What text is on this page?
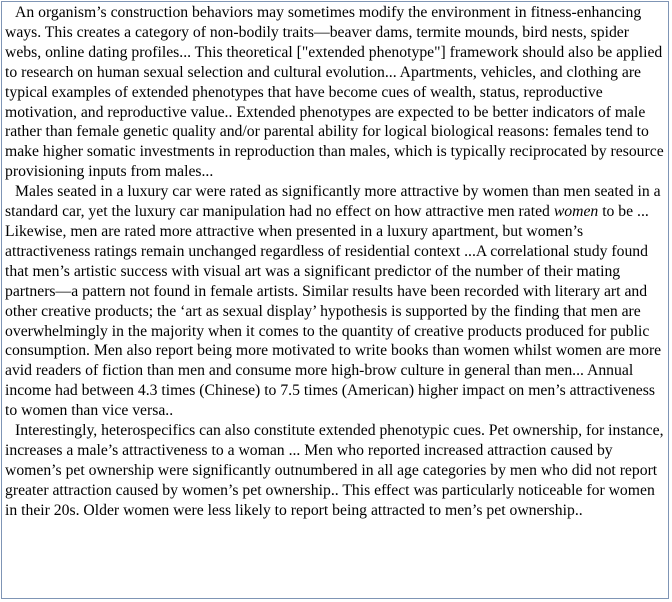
An organism’s construction behaviors may sometimes modify the environment in fitness-enhancing ways. This creates a category of non-bodily traits—beaver dams, termite mounds, bird nests, spider webs, online dating profiles... This theoretical ["extended phenotype"] framework should also be applied to research on human sexual selection and cultural evolution... Apartments, vehicles, and clothing are typical examples of extended phenotypes that have become cues of wealth, status, reproductive motivation, and reproductive value.. Extended phenotypes are expected to be better indicators of male rather than female genetic quality and/or parental ability for logical biological reasons: females tend to make higher somatic investments in reproduction than males, which is typically reciprocated by resource provisioning inputs from males...

Males seated in a luxury car were rated as significantly more attractive by women than men seated in a standard car, yet the luxury car manipulation had no effect on how attractive men rated women to be ... Likewise, men are rated more attractive when presented in a luxury apartment, but women’s attractiveness ratings remain unchanged regardless of residential context ...A correlational study found that men’s artistic success with visual art was a significant predictor of the number of their mating partners—a pattern not found in female artists. Similar results have been recorded with literary art and other creative products; the ‘art as sexual display’ hypothesis is supported by the finding that men are overwhelmingly in the majority when it comes to the quantity of creative products produced for public consumption. Men also report being more motivated to write books than women whilst women are more avid readers of fiction than men and consume more high-brow culture in general than men... Annual income had between 4.3 times (Chinese) to 7.5 times (American) higher impact on men’s attractiveness to women than vice versa..

Interestingly, heterospecifics can also constitute extended phenotypic cues. Pet ownership, for instance, increases a male’s attractiveness to a woman ... Men who reported increased attraction caused by women’s pet ownership were significantly outnumbered in all age categories by men who did not report greater attraction caused by women’s pet ownership.. This effect was particularly noticeable for women in their 20s. Older women were less likely to report being attracted to men’s pet ownership..
